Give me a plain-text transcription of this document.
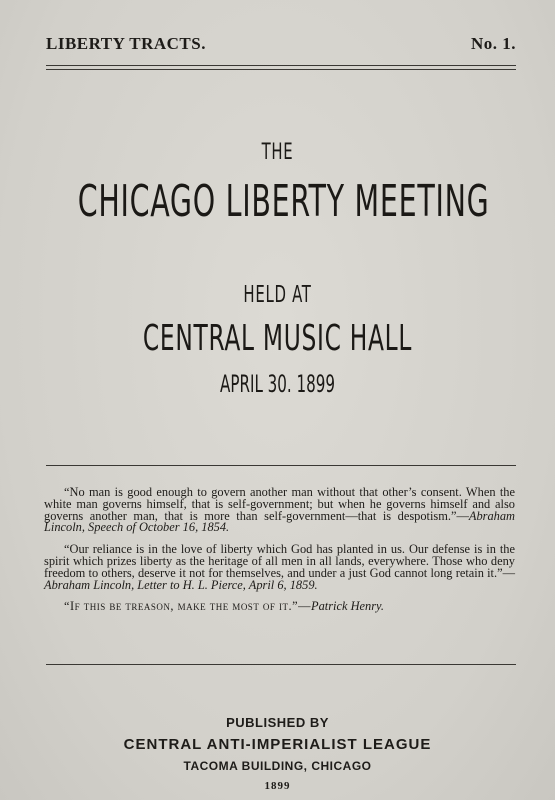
LIBERTY TRACTS.	No. 1.
THE
CHICAGO LIBERTY MEETING
HELD AT
CENTRAL MUSIC HALL
APRIL 30. 1899

“No man is good enough to govern another man without that other’s consent. When the white man governs himself, that is self-government; but when he governs himself and also governs another man, that is more than self-government—that is despotism.”—Abraham Lincoln, Speech of October 16, 1854.

“Our reliance is in the love of liberty which God has planted in us. Our defense is in the spirit which prizes liberty as the heritage of all men in all lands, everywhere. Those who deny freedom to others, deserve it not for themselves, and under a just God cannot long retain it.”—Abraham Lincoln, Letter to H. L. Pierce, April 6, 1859.

“If this be treason, make the most of it.”—Patrick Henry.

PUBLISHED BY
CENTRAL ANTI-IMPERIALIST LEAGUE
TACOMA BUILDING, CHICAGO
1899
